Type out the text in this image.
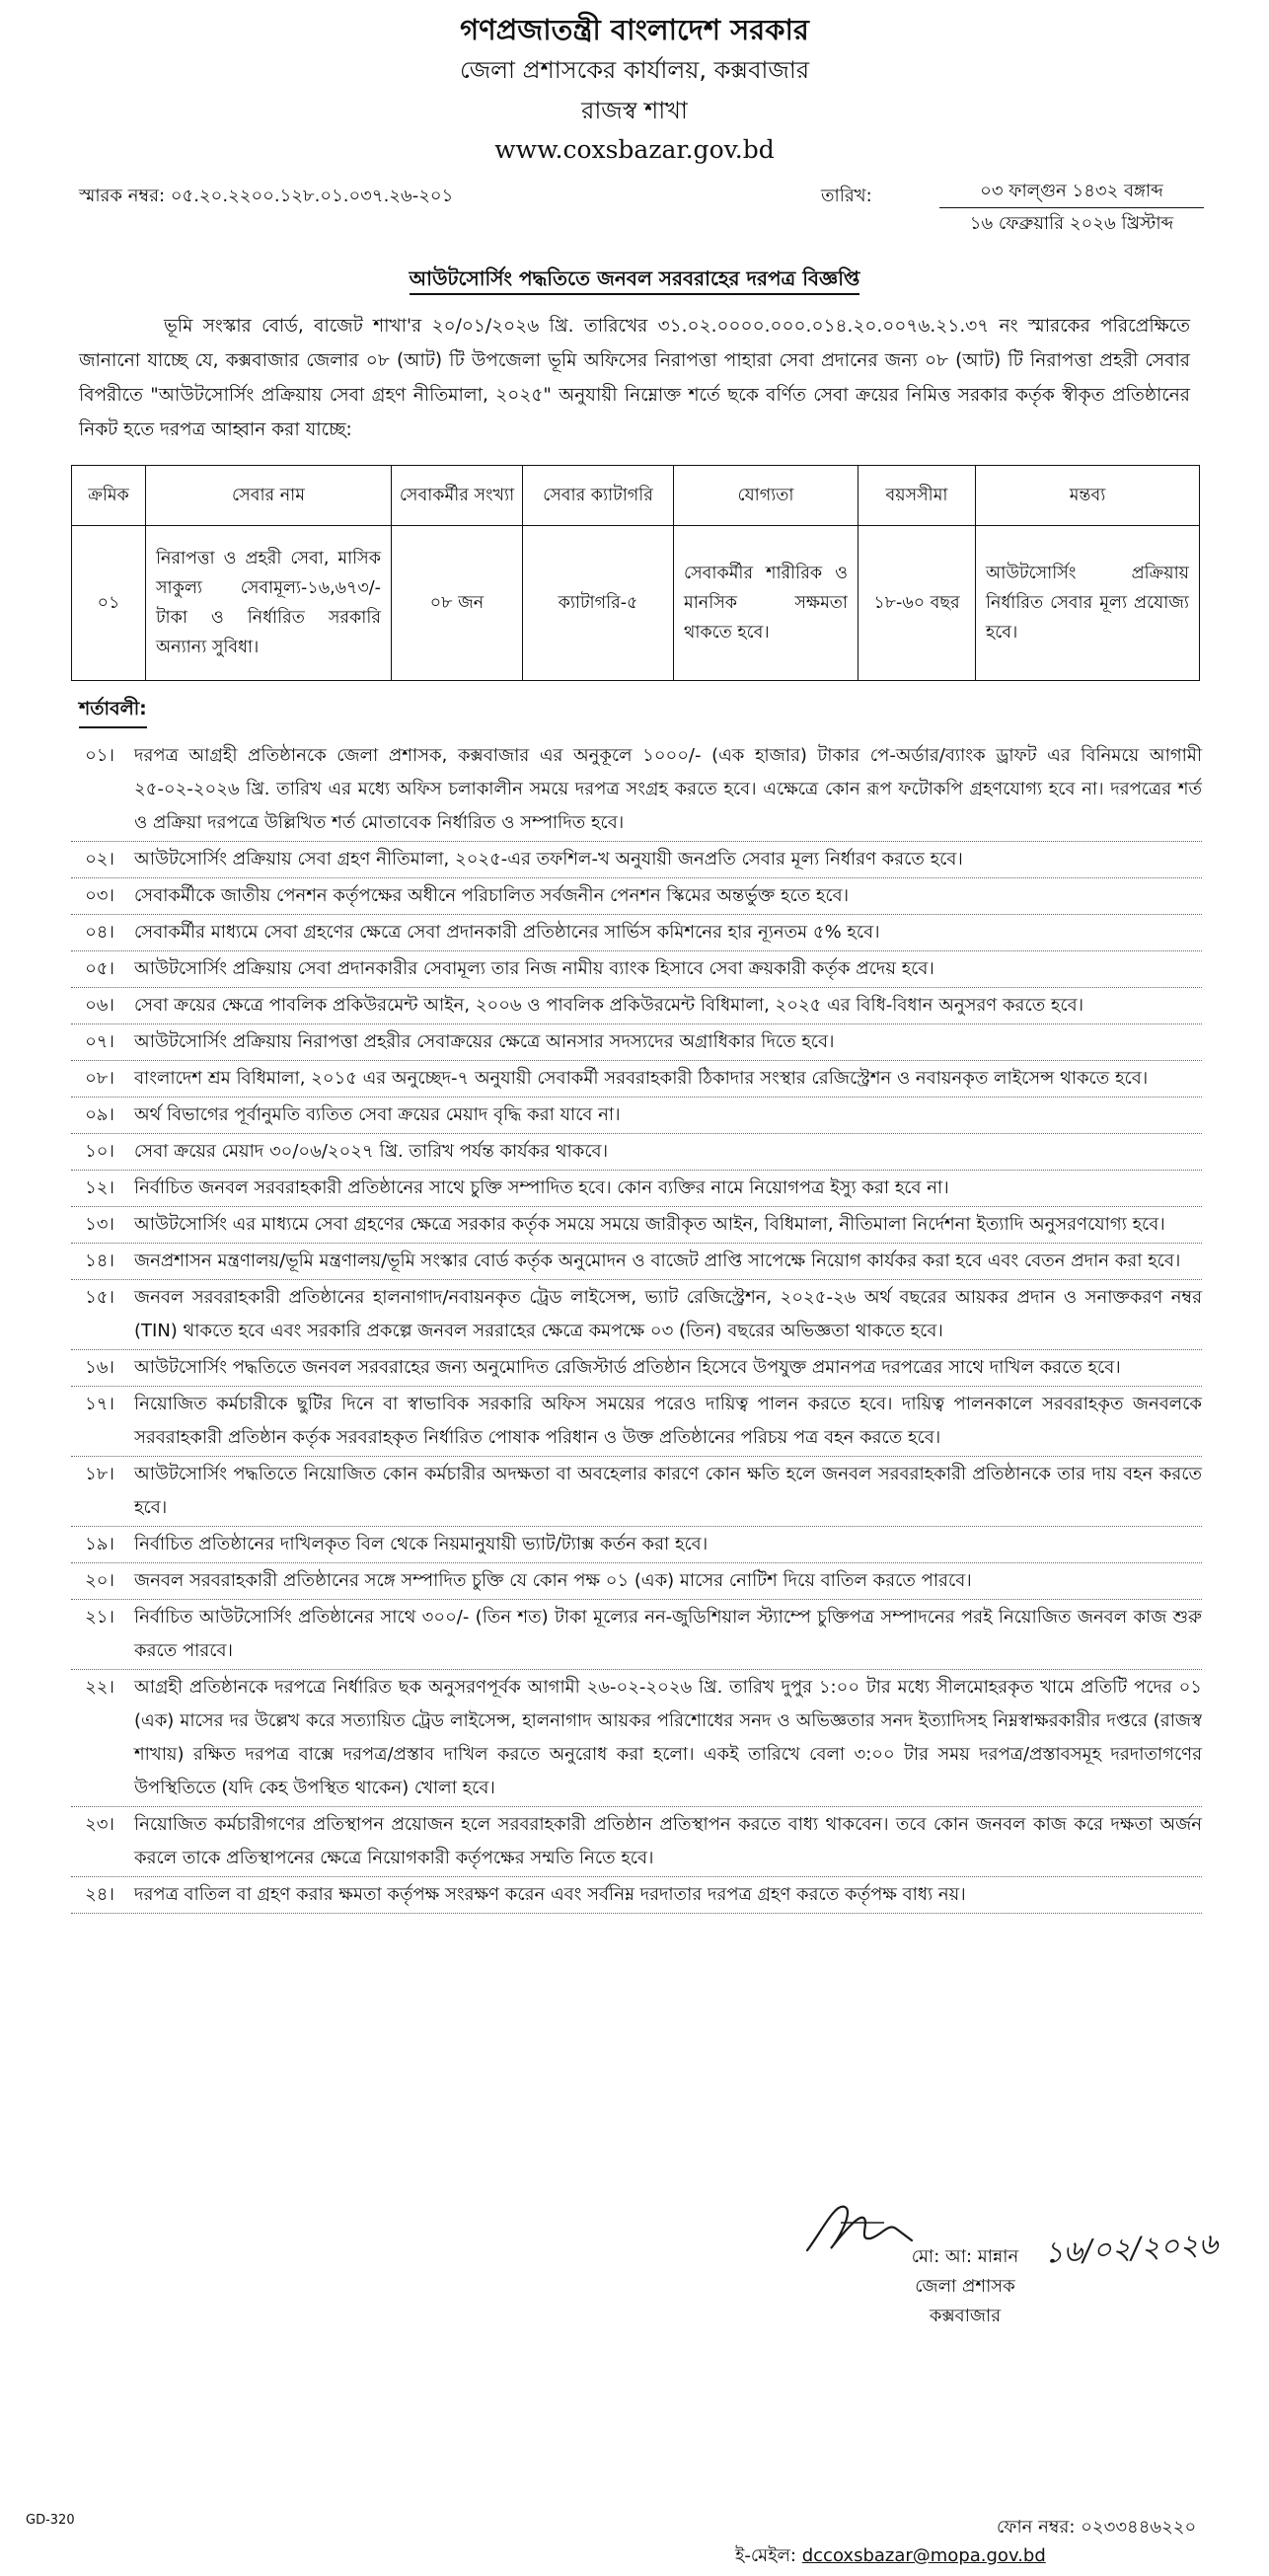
গণপ্রজাতন্ত্রী বাংলাদেশ সরকার
জেলা প্রশাসকের কার্যালয়, কক্সবাজার
রাজস্ব শাখা
www.coxsbazar.gov.bd
স্মারক নম্বর: ০৫.২০.২২০০.১২৮.০১.০৩৭.২৬-২০১	তারিখ:	০৩ ফাল্গুন ১৪৩২ বঙ্গাব্দ
১৬ ফেব্রুয়ারি ২০২৬ খ্রিস্টাব্দ
আউটসোর্সিং পদ্ধতিতে জনবল সরবরাহের দরপত্র বিজ্ঞপ্তি

ভূমি সংস্কার বোর্ড, বাজেট শাখা'র ২০/০১/২০২৬ খ্রি. তারিখের ৩১.০২.০০০০.০০০.০১৪.২০.০০৭৬.২১.৩৭ নং স্মারকের পরিপ্রেক্ষিতে জানানো যাচ্ছে যে, কক্সবাজার জেলার ০৮ (আট) টি উপজেলা ভূমি অফিসের নিরাপত্তা পাহারা সেবা প্রদানের জন্য ০৮ (আট) টি নিরাপত্তা প্রহরী সেবার বিপরীতে "আউটসোর্সিং প্রক্রিয়ায় সেবা গ্রহণ নীতিমালা, ২০২৫" অনুযায়ী নিম্নোক্ত শর্তে ছকে বর্ণিত সেবা ক্রয়ের নিমিত্ত সরকার কর্তৃক স্বীকৃত প্রতিষ্ঠানের নিকট হতে দরপত্র আহ্বান করা যাচ্ছে:

ক্রমিক	সেবার নাম	সেবাকর্মীর সংখ্যা	সেবার ক্যাটাগরি	যোগ্যতা	বয়সসীমা	মন্তব্য
০১	নিরাপত্তা ও প্রহরী সেবা, মাসিক সাকুল্য সেবামূল্য-১৬,৬৭৩/- টাকা ও নির্ধারিত সরকারি অন্যান্য সুবিধা।	০৮ জন	ক্যাটাগরি-৫	সেবাকর্মীর শারীরিক ও মানসিক সক্ষমতা থাকতে হবে।	১৮-৬০ বছর	আউটসোর্সিং প্রক্রিয়ায় নির্ধারিত সেবার মূল্য প্রযোজ্য হবে।
শর্তাবলী:
০১।	দরপত্র আগ্রহী প্রতিষ্ঠানকে জেলা প্রশাসক, কক্সবাজার এর অনুকূলে ১০০০/- (এক হাজার) টাকার পে-অর্ডার/ব্যাংক ড্রাফট এর বিনিময়ে আগামী ২৫-০২-২০২৬ খ্রি. তারিখ এর মধ্যে অফিস চলাকালীন সময়ে দরপত্র সংগ্রহ করতে হবে। এক্ষেত্রে কোন রূপ ফটোকপি গ্রহণযোগ্য হবে না। দরপত্রের শর্ত ও প্রক্রিয়া দরপত্রে উল্লিখিত শর্ত মোতাবেক নির্ধারিত ও সম্পাদিত হবে।
০২।	আউটসোর্সিং প্রক্রিয়ায় সেবা গ্রহণ নীতিমালা, ২০২৫-এর তফশিল-খ অনুযায়ী জনপ্রতি সেবার মূল্য নির্ধারণ করতে হবে।
০৩।	সেবাকর্মীকে জাতীয় পেনশন কর্তৃপক্ষের অধীনে পরিচালিত সর্বজনীন পেনশন স্কিমের অন্তর্ভুক্ত হতে হবে।
০৪।	সেবাকর্মীর মাধ্যমে সেবা গ্রহণের ক্ষেত্রে সেবা প্রদানকারী প্রতিষ্ঠানের সার্ভিস কমিশনের হার ন্যূনতম ৫% হবে।
০৫।	আউটসোর্সিং প্রক্রিয়ায় সেবা প্রদানকারীর সেবামূল্য তার নিজ নামীয় ব্যাংক হিসাবে সেবা ক্রয়কারী কর্তৃক প্রদেয় হবে।
০৬।	সেবা ক্রয়ের ক্ষেত্রে পাবলিক প্রকিউরমেন্ট আইন, ২০০৬ ও পাবলিক প্রকিউরমেন্ট বিধিমালা, ২০২৫ এর বিধি-বিধান অনুসরণ করতে হবে।
০৭।	আউটসোর্সিং প্রক্রিয়ায় নিরাপত্তা প্রহরীর সেবাক্রয়ের ক্ষেত্রে আনসার সদস্যদের অগ্রাধিকার দিতে হবে।
০৮।	বাংলাদেশ শ্রম বিধিমালা, ২০১৫ এর অনুচ্ছেদ-৭ অনুযায়ী সেবাকর্মী সরবরাহকারী ঠিকাদার সংস্থার রেজিস্ট্রেশন ও নবায়নকৃত লাইসেন্স থাকতে হবে।
০৯।	অর্থ বিভাগের পূর্বানুমতি ব্যতিত সেবা ক্রয়ের মেয়াদ বৃদ্ধি করা যাবে না।
১০।	সেবা ক্রয়ের মেয়াদ ৩০/০৬/২০২৭ খ্রি. তারিখ পর্যন্ত কার্যকর থাকবে।
১২।	নির্বাচিত জনবল সরবরাহকারী প্রতিষ্ঠানের সাথে চুক্তি সম্পাদিত হবে। কোন ব্যক্তির নামে নিয়োগপত্র ইস্যু করা হবে না।
১৩।	আউটসোর্সিং এর মাধ্যমে সেবা গ্রহণের ক্ষেত্রে সরকার কর্তৃক সময়ে সময়ে জারীকৃত আইন, বিধিমালা, নীতিমালা নির্দেশনা ইত্যাদি অনুসরণযোগ্য হবে।
১৪।	জনপ্রশাসন মন্ত্রণালয়/ভূমি মন্ত্রণালয়/ভূমি সংস্কার বোর্ড কর্তৃক অনুমোদন ও বাজেট প্রাপ্তি সাপেক্ষে নিয়োগ কার্যকর করা হবে এবং বেতন প্রদান করা হবে।
১৫।	জনবল সরবরাহকারী প্রতিষ্ঠানের হালনাগাদ/নবায়নকৃত ট্রেড লাইসেন্স, ভ্যাট রেজিস্ট্রেশন, ২০২৫-২৬ অর্থ বছরের আয়কর প্রদান ও সনাক্তকরণ নম্বর (TIN) থাকতে হবে এবং সরকারি প্রকল্পে জনবল সররাহের ক্ষেত্রে কমপক্ষে ০৩ (তিন) বছরের অভিজ্ঞতা থাকতে হবে।
১৬।	আউটসোর্সিং পদ্ধতিতে জনবল সরবরাহের জন্য অনুমোদিত রেজিস্টার্ড প্রতিষ্ঠান হিসেবে উপযুক্ত প্রমানপত্র দরপত্রের সাথে দাখিল করতে হবে।
১৭।	নিয়োজিত কর্মচারীকে ছুটির দিনে বা স্বাভাবিক সরকারি অফিস সময়ের পরেও দায়িত্ব পালন করতে হবে। দায়িত্ব পালনকালে সরবরাহকৃত জনবলকে সরবরাহকারী প্রতিষ্ঠান কর্তৃক সরবরাহকৃত নির্ধারিত পোষাক পরিধান ও উক্ত প্রতিষ্ঠানের পরিচয় পত্র বহন করতে হবে।
১৮।	আউটসোর্সিং পদ্ধতিতে নিয়োজিত কোন কর্মচারীর অদক্ষতা বা অবহেলার কারণে কোন ক্ষতি হলে জনবল সরবরাহকারী প্রতিষ্ঠানকে তার দায় বহন করতে হবে।
১৯।	নির্বাচিত প্রতিষ্ঠানের দাখিলকৃত বিল থেকে নিয়মানুযায়ী ভ্যাট/ট্যাক্স কর্তন করা হবে।
২০।	জনবল সরবরাহকারী প্রতিষ্ঠানের সঙ্গে সম্পাদিত চুক্তি যে কোন পক্ষ ০১ (এক) মাসের নোটিশ দিয়ে বাতিল করতে পারবে।
২১।	নির্বাচিত আউটসোর্সিং প্রতিষ্ঠানের সাথে ৩০০/- (তিন শত) টাকা মূল্যের নন-জুডিশিয়াল স্ট্যাম্পে চুক্তিপত্র সম্পাদনের পরই নিয়োজিত জনবল কাজ শুরু করতে পারবে।
২২।	আগ্রহী প্রতিষ্ঠানকে দরপত্রে নির্ধারিত ছক অনুসরণপূর্বক আগামী ২৬-০২-২০২৬ খ্রি. তারিখ দুপুর ১:০০ টার মধ্যে সীলমোহরকৃত খামে প্রতিটি পদের ০১ (এক) মাসের দর উল্লেখ করে সত্যায়িত ট্রেড লাইসেন্স, হালনাগাদ আয়কর পরিশোধের সনদ ও অভিজ্ঞতার সনদ ইত্যাদিসহ নিম্নস্বাক্ষরকারীর দপ্তরে (রাজস্ব শাখায়) রক্ষিত দরপত্র বাক্সে দরপত্র/প্রস্তাব দাখিল করতে অনুরোধ করা হলো। একই তারিখে বেলা ৩:০০ টার সময় দরপত্র/প্রস্তাবসমূহ দরদাতাগণের উপস্থিতিতে (যদি কেহ উপস্থিত থাকেন) খোলা হবে।
২৩।	নিয়োজিত কর্মচারীগণের প্রতিস্থাপন প্রয়োজন হলে সরবরাহকারী প্রতিষ্ঠান প্রতিস্থাপন করতে বাধ্য থাকবেন। তবে কোন জনবল কাজ করে দক্ষতা অর্জন করলে তাকে প্রতিস্থাপনের ক্ষেত্রে নিয়োগকারী কর্তৃপক্ষের সম্মতি নিতে হবে।
২৪।	দরপত্র বাতিল বা গ্রহণ করার ক্ষমতা কর্তৃপক্ষ সংরক্ষণ করেন এবং সর্বনিম্ন দরদাতার দরপত্র গ্রহণ করতে কর্তৃপক্ষ বাধ্য নয়।
১৬/০২/২০২৬
মো: আ: মান্নান
জেলা প্রশাসক
কক্সবাজার
GD-320	ফোন নম্বর: ০২৩৩৪৪৬২২০
ই-মেইল: dccoxsbazar@mopa.gov.bd
